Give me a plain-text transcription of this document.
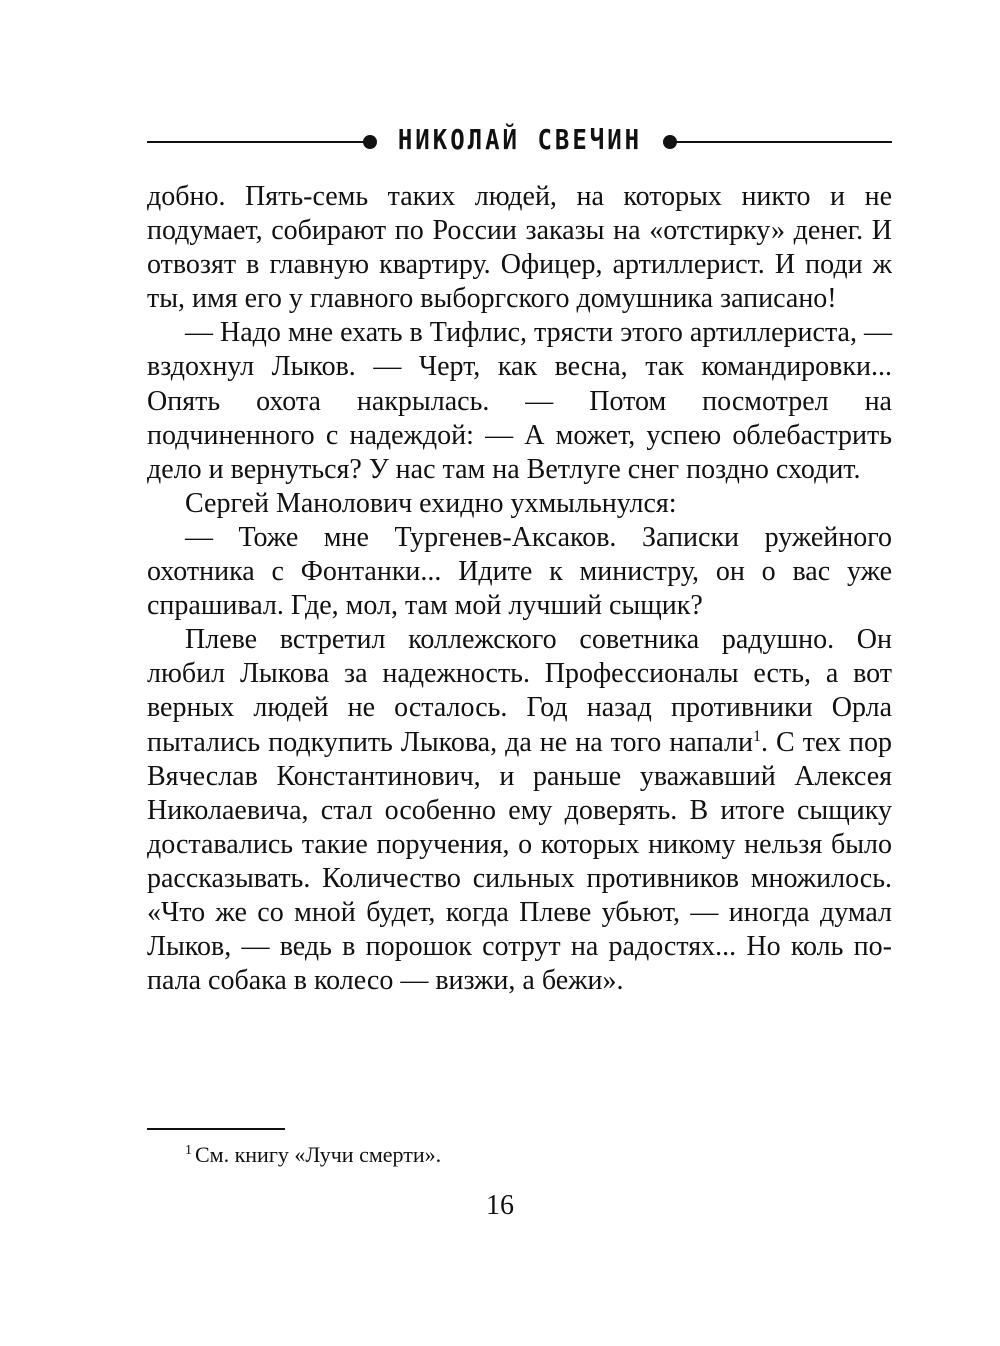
НИКОЛАЙ СВЕЧИН

добно. Пять-семь таких людей, на которых никто и не подумает, собирают по России заказы на «отстирку» денег. И отвозят в главную квартиру. Офицер, артиллерист. И поди ж ты, имя его у главного выборгского домушника записано!

— Надо мне ехать в Тифлис, трясти этого артиллериста, — вздохнул Лыков. — Черт, как весна, так командировки... Опять охота накрылась. — Потом посмотрел на подчиненного с надеждой: — А может, успею облебастрить дело и вернуться? У нас там на Ветлуге снег поздно сходит.

Сергей Манолович ехидно ухмыльнулся:

— Тоже мне Тургенев-Аксаков. Записки ружейного охотника с Фонтанки... Идите к министру, он о вас уже спрашивал. Где, мол, там мой лучший сыщик?

Плеве встретил коллежского советника радушно. Он любил Лыкова за надежность. Профессионалы есть, а вот верных людей не осталось. Год назад противники Орла пытались подкупить Лыкова, да не на того напали$^1$. С тех пор Вячеслав Константинович, и раньше уважавший Алексея Николаевича, стал особенно ему доверять. В итоге сыщику доставались такие поручения, о которых никому нельзя было рассказывать. Количество сильных противников множилось. «Что же со мной будет, когда Плеве убьют, — иногда думал Лыков, — ведь в порошок сотрут на радостях... Но коль попала собака в колесо — визжи, а бежи».

$^1$ См. книгу «Лучи смерти».
16
